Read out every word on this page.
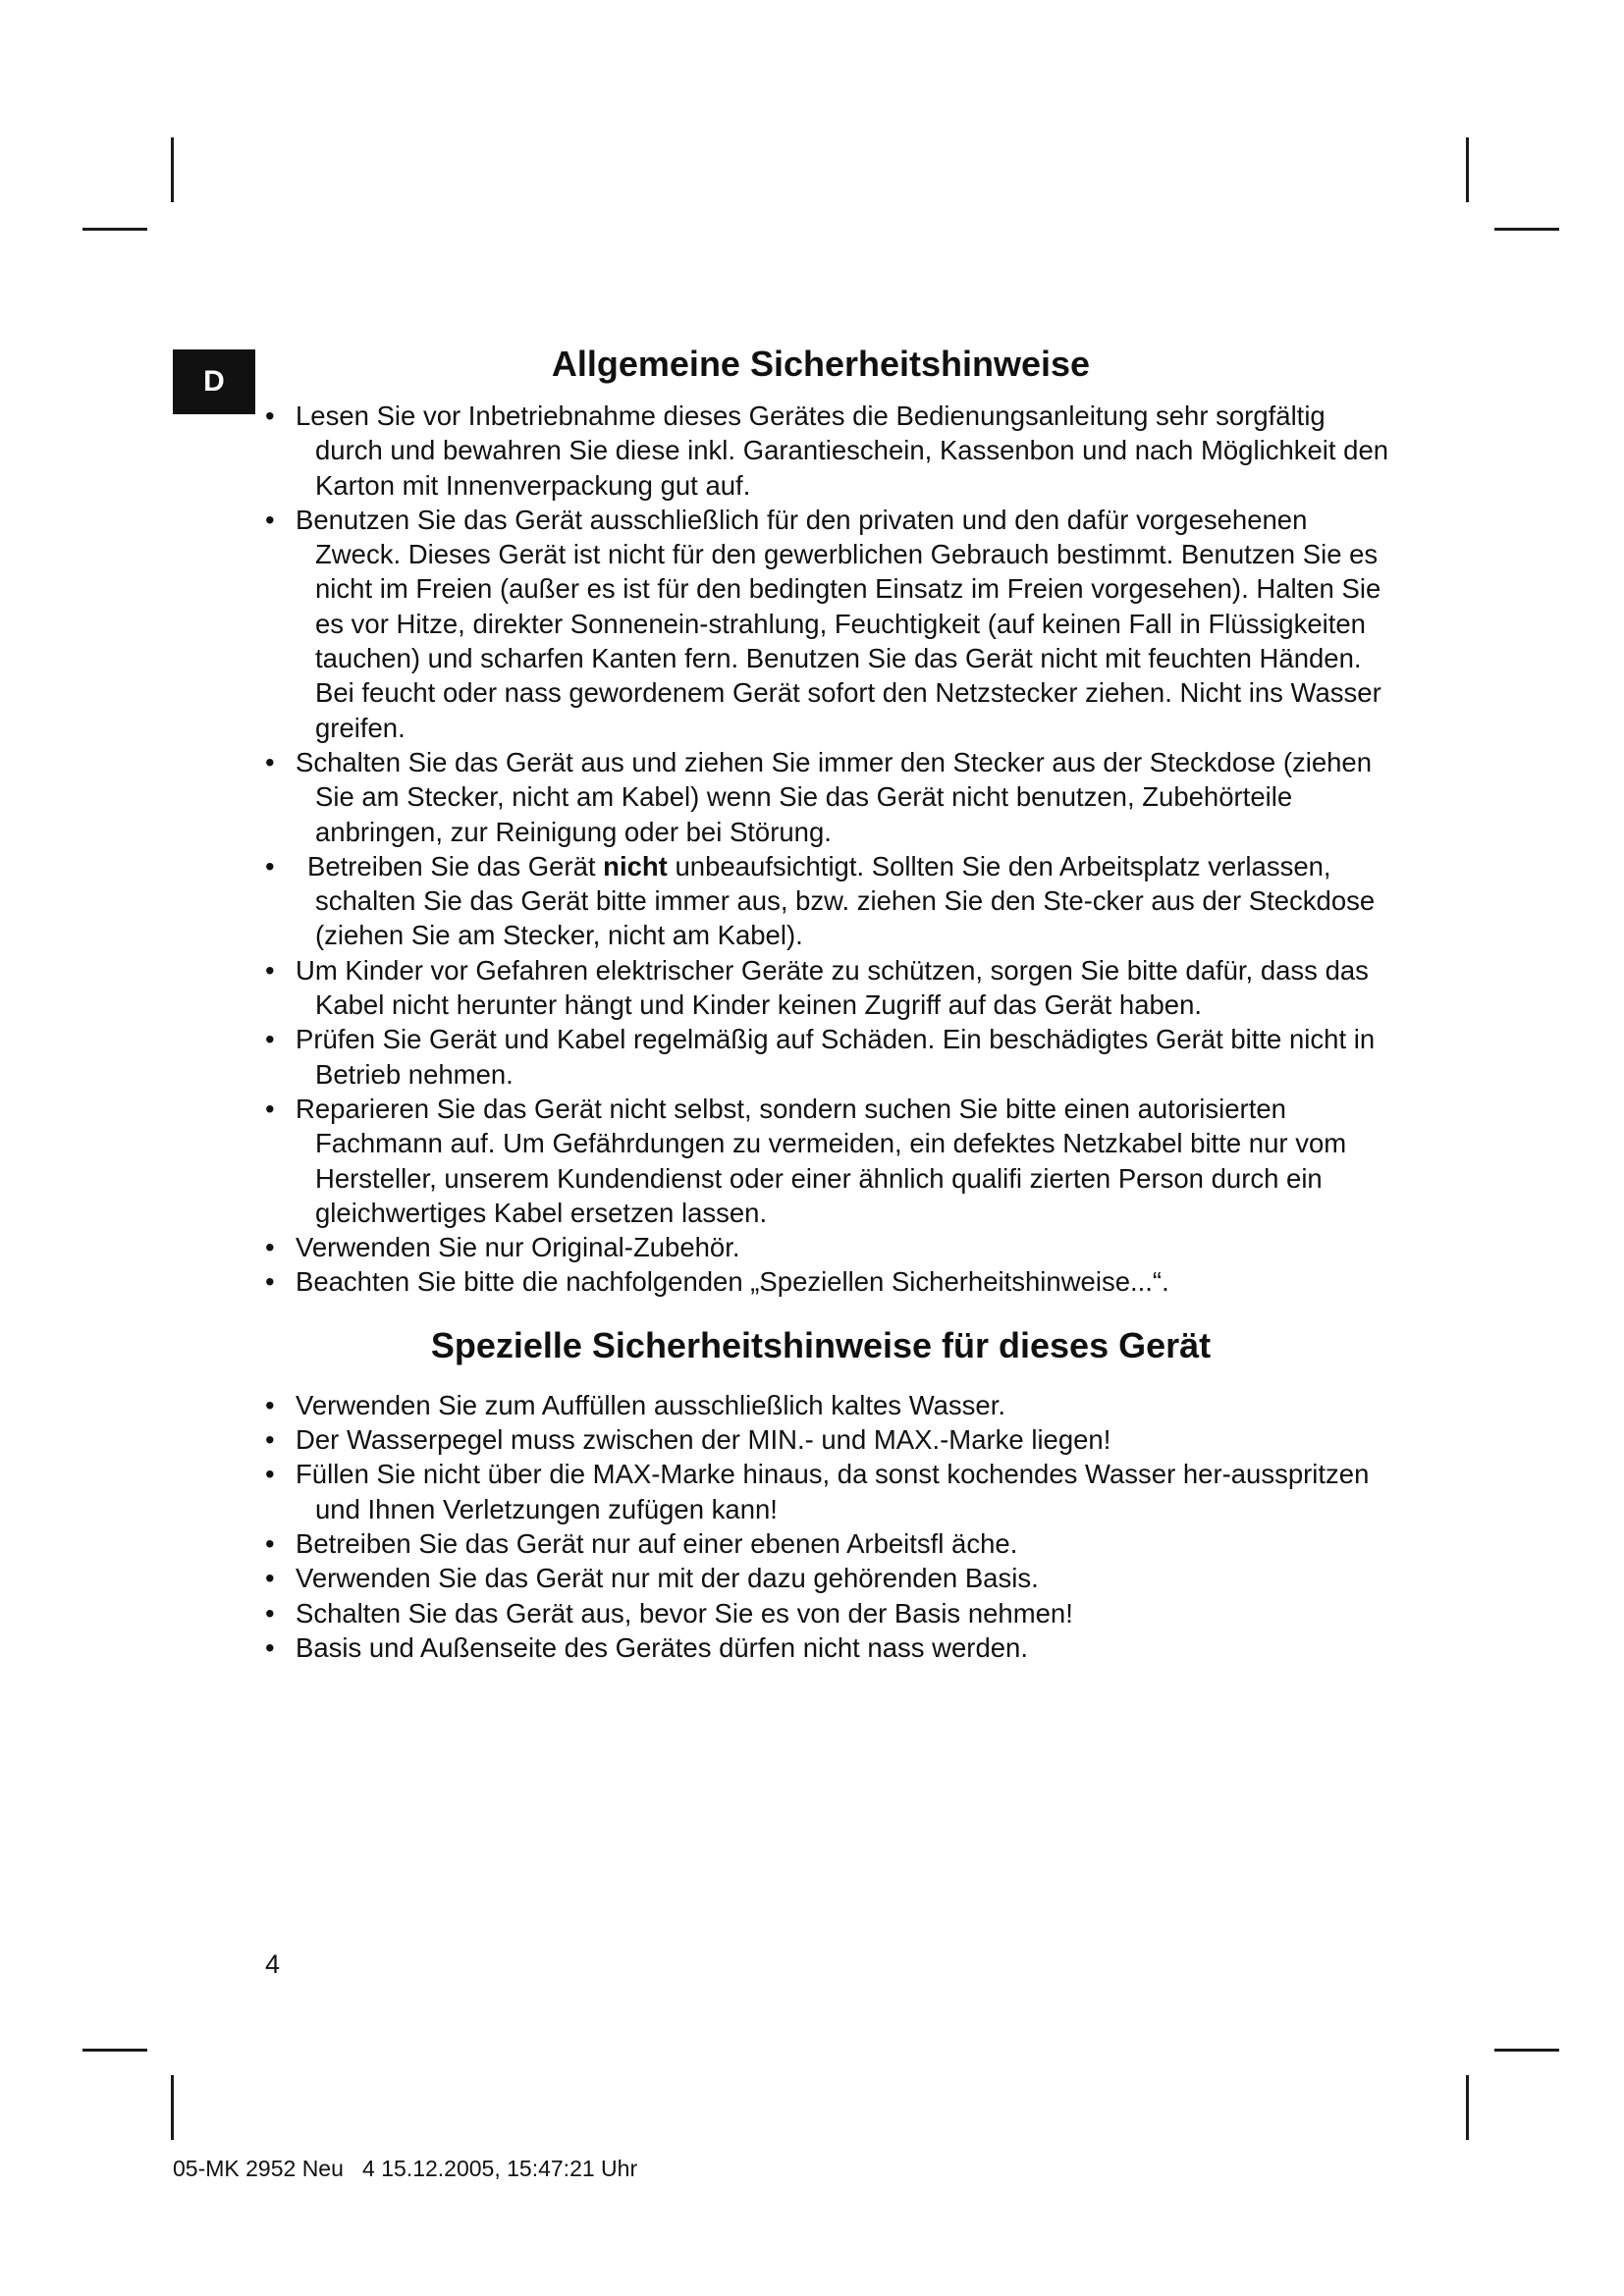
D	Allgemeine Sicherheitshinweise
• Lesen Sie vor Inbetriebnahme dieses Gerätes die Bedienungsanleitung sehr sorgfältig durch und bewahren Sie diese inkl. Garantieschein, Kassenbon und nach Möglichkeit den Karton mit Innenverpackung gut auf.
• Benutzen Sie das Gerät ausschließlich für den privaten und den dafür vorgesehenen Zweck. Dieses Gerät ist nicht für den gewerblichen Gebrauch bestimmt. Benutzen Sie es nicht im Freien (außer es ist für den bedingten Einsatz im Freien vorgesehen). Halten Sie es vor Hitze, direkter Sonnenein-strahlung, Feuchtigkeit (auf keinen Fall in Flüssigkeiten tauchen) und scharfen Kanten fern. Benutzen Sie das Gerät nicht mit feuchten Händen. Bei feucht oder nass gewordenem Gerät sofort den Netzstecker ziehen. Nicht ins Wasser greifen.
• Schalten Sie das Gerät aus und ziehen Sie immer den Stecker aus der Steckdose (ziehen Sie am Stecker, nicht am Kabel) wenn Sie das Gerät nicht benutzen, Zubehörteile anbringen, zur Reinigung oder bei Störung.
•	Betreiben Sie das Gerät nicht unbeaufsichtigt. Sollten Sie den Arbeitsplatz verlassen, schalten Sie das Gerät bitte immer aus, bzw. ziehen Sie den Ste-cker aus der Steckdose (ziehen Sie am Stecker, nicht am Kabel).
• Um Kinder vor Gefahren elektrischer Geräte zu schützen, sorgen Sie bitte dafür, dass das Kabel nicht herunter hängt und Kinder keinen Zugriff auf das Gerät haben.
• Prüfen Sie Gerät und Kabel regelmäßig auf Schäden. Ein beschädigtes Gerät bitte nicht in Betrieb nehmen.
• Reparieren Sie das Gerät nicht selbst, sondern suchen Sie bitte einen autorisierten Fachmann auf. Um Gefährdungen zu vermeiden, ein defektes Netzkabel bitte nur vom Hersteller, unserem Kundendienst oder einer ähnlich qualifi zierten Person durch ein gleichwertiges Kabel ersetzen lassen.
• Verwenden Sie nur Original-Zubehör.
• Beachten Sie bitte die nachfolgenden „Speziellen Sicherheitshinweise...“.
Spezielle Sicherheitshinweise für dieses Gerät
• Verwenden Sie zum Auffüllen ausschließlich kaltes Wasser.
• Der Wasserpegel muss zwischen der MIN.- und MAX.-Marke liegen!
• Füllen Sie nicht über die MAX-Marke hinaus, da sonst kochendes Wasser her-ausspritzen und Ihnen Verletzungen zufügen kann!
• Betreiben Sie das Gerät nur auf einer ebenen Arbeitsfl äche.
• Verwenden Sie das Gerät nur mit der dazu gehörenden Basis.
• Schalten Sie das Gerät aus, bevor Sie es von der Basis nehmen!
• Basis und Außenseite des Gerätes dürfen nicht nass werden.
4
05-MK 2952 Neu   4 15.12.2005, 15:47:21 Uhr
